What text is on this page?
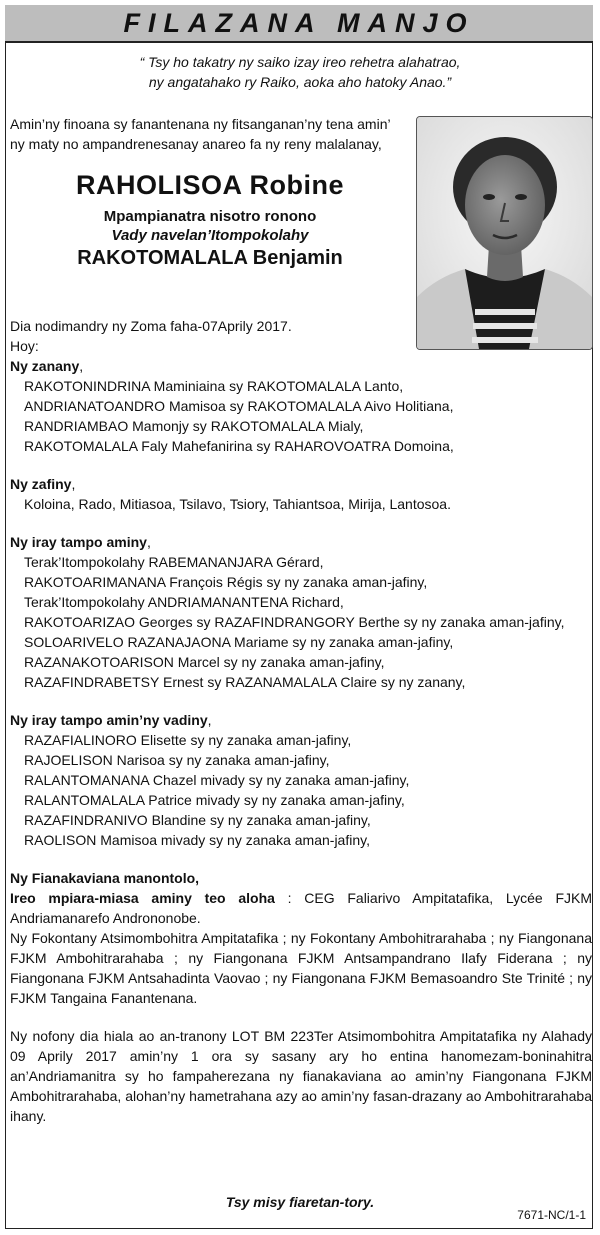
FILAZANA MANJO
“ Tsy ho takatry ny saiko izay ireo rehetra alahatrao,
ny angatahako ry Raiko, aoka aho hatoky Anao.”
Amin’ny finoana sy fanantenana ny fitsanganan’ny tena amin’
ny maty no ampandrenesanay anareo fa ny reny malalanay,
RAHOLISOA Robine
Mpampianatra nisotro ronono
Vady navelan’Itompokolahy
RAKOTOMALALA Benjamin

Dia nodimandry ny Zoma faha-07Aprily 2017.

Hoy:

Ny zanany,

RAKOTONINDRINA Maminiaina sy RAKOTOMALALA Lanto,

ANDRIANATOANDRO Mamisoa sy RAKOTOMALALA Aivo Holitiana,

RANDRIAMBAO Mamonjy sy RAKOTOMALALA Mialy,

RAKOTOMALALA Faly Mahefanirina sy RAHAROVOATRA Domoina,

Ny zafiny,

Koloina, Rado, Mitiasoa, Tsilavo, Tsiory, Tahiantsoa, Mirija, Lantosoa.

Ny iray tampo aminy,

Terak’Itompokolahy RABEMANANJARA Gérard,

RAKOTOARIMANANA François Régis sy ny zanaka aman-jafiny,

Terak’Itompokolahy ANDRIAMANANTENA Richard,

RAKOTOARIZAO Georges sy RAZAFINDRANGORY Berthe sy ny zanaka aman-jafiny,

SOLOARIVELO RAZANAJAONA Mariame sy ny zanaka aman-jafiny,

RAZANAKOTOARISON Marcel sy ny zanaka aman-jafiny,

RAZAFINDRABETSY Ernest sy RAZANAMALALA Claire sy ny zanany,

Ny iray tampo amin’ny vadiny,

RAZAFIALINORO Elisette sy ny zanaka aman-jafiny,

RAJOELISON Narisoa sy ny zanaka aman-jafiny,

RALANTOMANANA Chazel mivady sy ny zanaka aman-jafiny,

RALANTOMALALA Patrice mivady sy ny zanaka aman-jafiny,

RAZAFINDRANIVO Blandine sy ny zanaka aman-jafiny,

RAOLISON Mamisoa mivady sy ny zanaka aman-jafiny,

Ny Fianakaviana manontolo,

Ireo mpiara-miasa aminy teo aloha : CEG Faliarivo Ampitatafika, Lycée FJKM Andriamanarefo Andrononobe.

Ny Fokontany Atsimombohitra Ampitatafika ; ny Fokontany Ambohitrarahaba ; ny Fiangonana FJKM Ambohitrarahaba ; ny Fiangonana FJKM Antsampandrano Ilafy Fiderana ; ny Fiangonana FJKM Antsahadinta Vaovao ; ny Fiangonana FJKM Bemasoandro Ste Trinité ; ny FJKM Tangaina Fanantenana.

Ny nofony dia hiala ao an-tranony LOT BM 223Ter Atsimombohitra Ampitatafika ny Alahady 09 Aprily 2017 amin’ny 1 ora sy sasany ary ho entina hanomezam-boninahitra an’Andriamanitra sy ho fampaherezana ny fianakaviana ao amin’ny Fiangonana FJKM Ambohitrarahaba, alohan’ny hametrahana azy ao amin’ny fasan-drazany ao Ambohitrarahaba ihany.

Tsy misy fiaretan-tory.
7671-NC/1-1
